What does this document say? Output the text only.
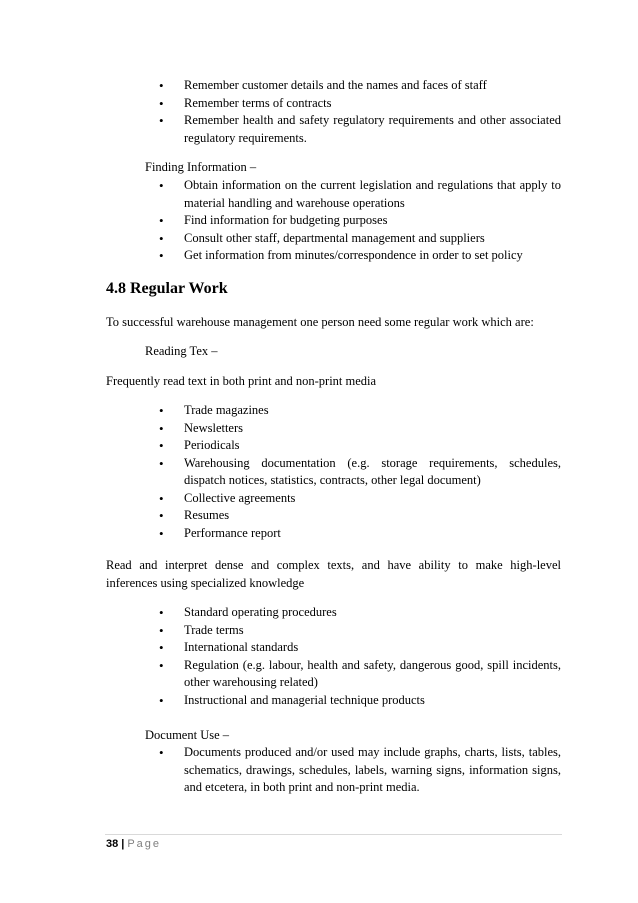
• Remember customer details and the names and faces of staff
• Remember terms of contracts
• Remember health and safety regulatory requirements and other associated regulatory requirements.

Finding Information –

• Obtain information on the current legislation and regulations that apply to material handling and warehouse operations
• Find information for budgeting purposes
• Consult other staff, departmental management and suppliers
• Get information from minutes/correspondence in order to set policy
4.8 Regular Work

To successful warehouse management one person need some regular work which are:

Reading Tex –

Frequently read text in both print and non-print media

• Trade magazines
• Newsletters
• Periodicals
• Warehousing documentation (e.g. storage requirements, schedules, dispatch notices, statistics, contracts, other legal document)
• Collective agreements
• Resumes
• Performance report

Read and interpret dense and complex texts, and have ability to make high-level inferences using specialized knowledge

• Standard operating procedures
• Trade terms
• International standards
• Regulation (e.g. labour, health and safety, dangerous good, spill incidents, other warehousing related)
• Instructional and managerial technique products

Document Use –

• Documents produced and/or used may include graphs, charts, lists, tables, schematics, drawings, schedules, labels, warning signs, information signs, and etcetera, in both print and non-print media.
38 | Page
